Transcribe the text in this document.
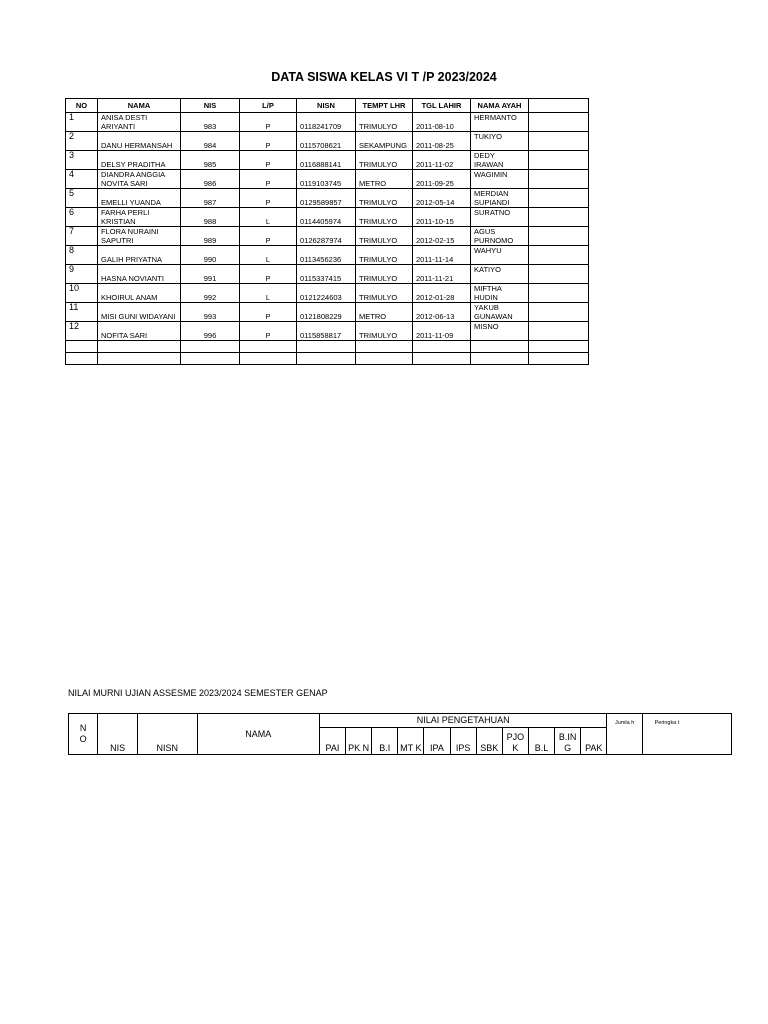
DATA SISWA KELAS VI T /P 2023/2024
NO	NAMA	NIS	L/P	NISN	TEMPT LHR	TGL LAHIR	NAMA AYAH	
1	ANISA DESTI ARIYANTI	983	P	0118241709	TRIMULYO	2011-08-10	HERMANTO	
2	DANU HERMANSAH	984	P	0115708621	SEKAMPUNG	2011-08-25	TUKIYO	
3	DELSY PRADITHA	985	P	0116888141	TRIMULYO	2011-11-02	DEDY IRAWAN	
4	DIANDRA ANGGIA NOVITA SARI	986	P	0119103745	METRO	2011-09-25	WAGIMIN	
5	EMELLI YUANDA	987	P	0129589857	TRIMULYO	2012-05-14	MERDIAN SUPIANDI	
6	FARHA PERLI KRISTIAN	988	L	0114405974	TRIMULYO	2011-10-15	SURATNO	
7	FLORA NURAINI SAPUTRI	989	P	0126287974	TRIMULYO	2012-02-15	AGUS PURNOMO	
8	GALIH PRIYATNA	990	L	0113456236	TRIMULYO	2011-11-14	WAHYU	
9	HASNA NOVIANTI	991	P	0115337415	TRIMULYO	2011-11-21	KATIYO	
10	KHOIRUL ANAM	992	L	0121224603	TRIMULYO	2012-01-28	MIFTHA HUDIN	
11	MISI GUNI WIDAYANI	993	P	0121808229	METRO	2012-06-13	YAKUB GUNAWAN	
12	NOFITA SARI	996	P	0115858817	TRIMULYO	2011-11-09	MISNO	

NILAI MURNI UJIAN ASSESME 2023/2024 SEMESTER GENAP
N O	NIS	NISN	NAMA	NILAI PENGETAHUAN											Jumla h	Peringka t
				PAI	PK N	B.I	MT K	IPA	IPS	SBK	PJO K	B.L	B.IN G	PAK		
